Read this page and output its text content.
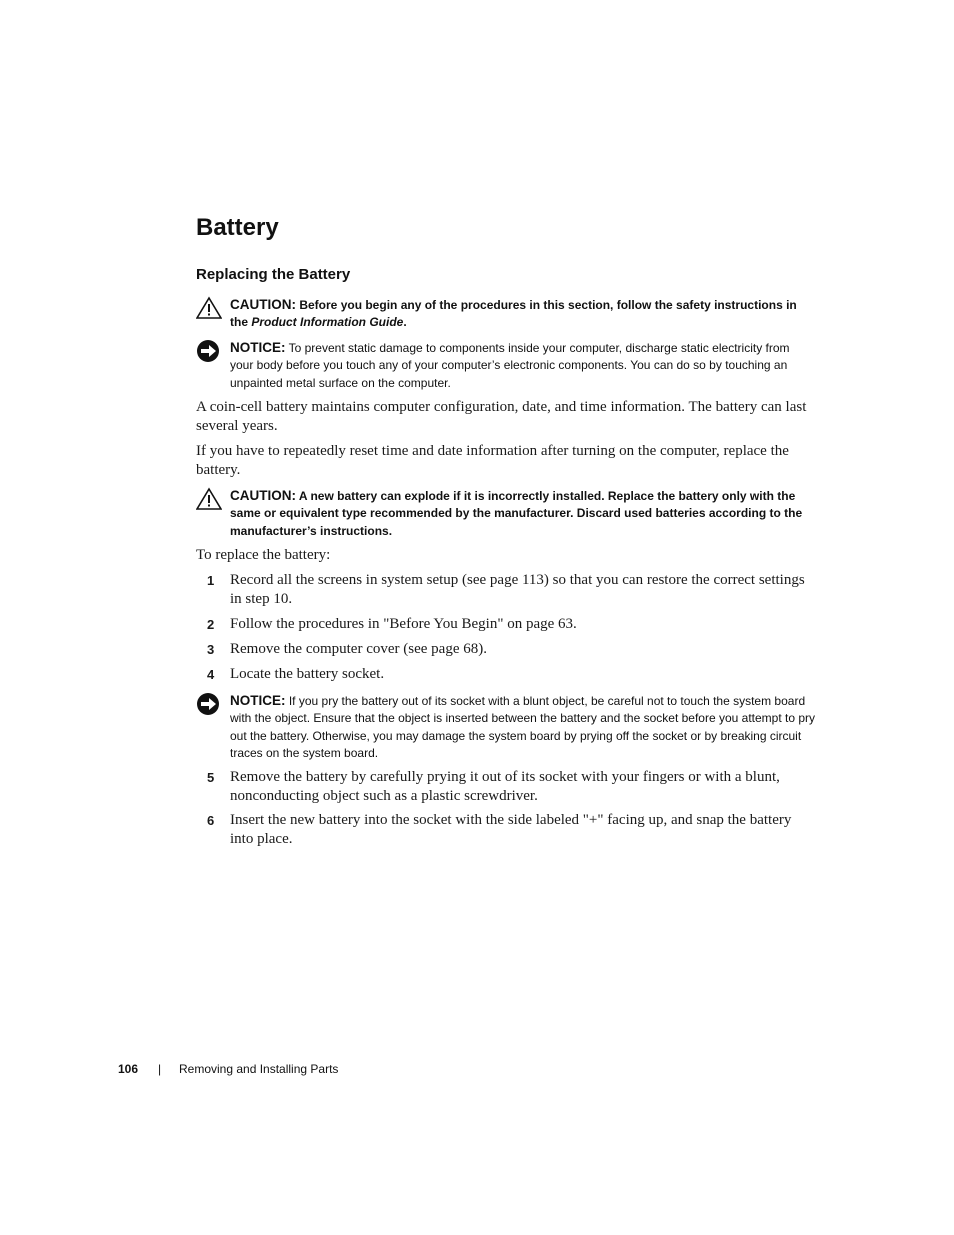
Battery
Replacing the Battery
CAUTION: Before you begin any of the procedures in this section, follow the safety instructions in the Product Information Guide.
NOTICE: To prevent static damage to components inside your computer, discharge static electricity from your body before you touch any of your computer’s electronic components. You can do so by touching an unpainted metal surface on the computer.
A coin-cell battery maintains computer configuration, date, and time information. The battery can last several years.
If you have to repeatedly reset time and date information after turning on the computer, replace the battery.
CAUTION: A new battery can explode if it is incorrectly installed. Replace the battery only with the same or equivalent type recommended by the manufacturer. Discard used batteries according to the manufacturer’s instructions.
To replace the battery:
1 Record all the screens in system setup (see page 113) so that you can restore the correct settings in step 10.
2 Follow the procedures in "Before You Begin" on page 63.
3 Remove the computer cover (see page 68).
4 Locate the battery socket.
NOTICE: If you pry the battery out of its socket with a blunt object, be careful not to touch the system board with the object. Ensure that the object is inserted between the battery and the socket before you attempt to pry out the battery. Otherwise, you may damage the system board by prying off the socket or by breaking circuit traces on the system board.
5 Remove the battery by carefully prying it out of its socket with your fingers or with a blunt, nonconducting object such as a plastic screwdriver.
6 Insert the new battery into the socket with the side labeled "+" facing up, and snap the battery into place.
106 | Removing and Installing Parts
